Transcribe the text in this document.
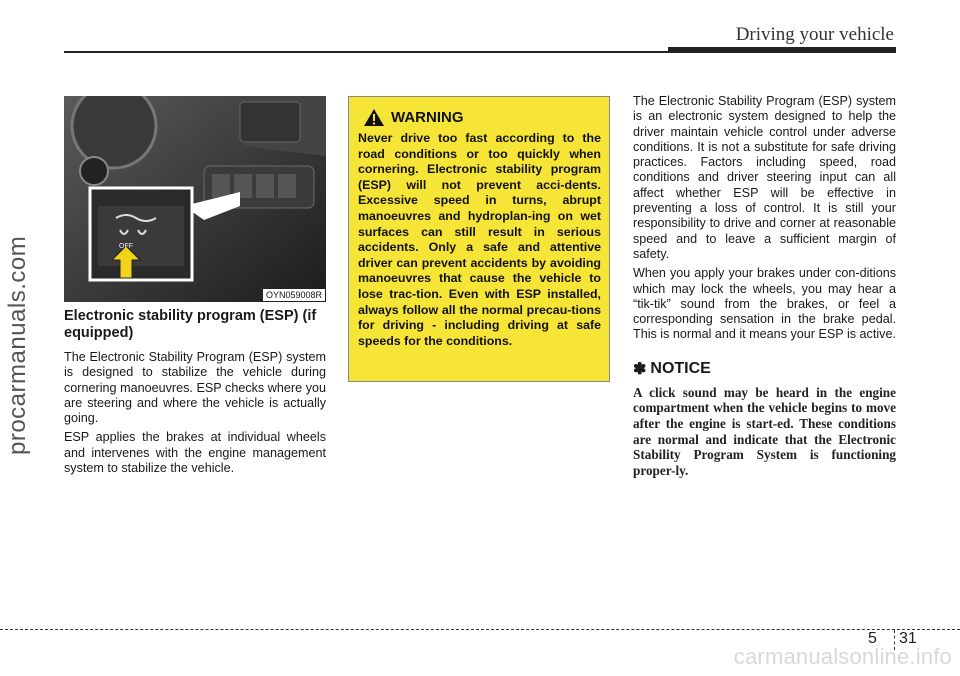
Driving your vehicle
procarmanuals.com	OFF
OYN059008R
Electronic stability program (ESP) (if equipped)

The Electronic Stability Program (ESP) system is designed to stabilize the vehicle during cornering manoeuvres. ESP checks where you are steering and where the vehicle is actually going.

ESP applies the brakes at individual wheels and intervenes with the engine management system to stabilize the vehicle.

WARNING
Never drive too fast according to the road conditions or too quickly when cornering. Electronic stability program (ESP) will not prevent acci-dents. Excessive speed in turns, abrupt manoeuvres and hydroplan-ing on wet surfaces can still result in serious accidents. Only a safe and attentive driver can prevent accidents by avoiding manoeuvres that cause the vehicle to lose trac-tion. Even with ESP installed, always follow all the normal precau-tions for driving - including driving at safe speeds for the conditions.

The Electronic Stability Program (ESP) system is an electronic system designed to help the driver maintain vehicle control under adverse conditions. It is not a substitute for safe driving practices. Factors including speed, road conditions and driver steering input can all affect whether ESP will be effective in preventing a loss of control. It is still your responsibility to drive and corner at reasonable speed and to leave a sufficient margin of safety.

When you apply your brakes under con-ditions which may lock the wheels, you may hear a “tik-tik” sound from the brakes, or feel a corresponding sensation in the brake pedal. This is normal and it means your ESP is active.

✽ NOTICE
A click sound may be heard in the engine compartment when the vehicle begins to move after the engine is start-ed. These conditions are normal and indicate that the Electronic Stability Program System is functioning proper-ly.
5 31
carmanualsonline.info
